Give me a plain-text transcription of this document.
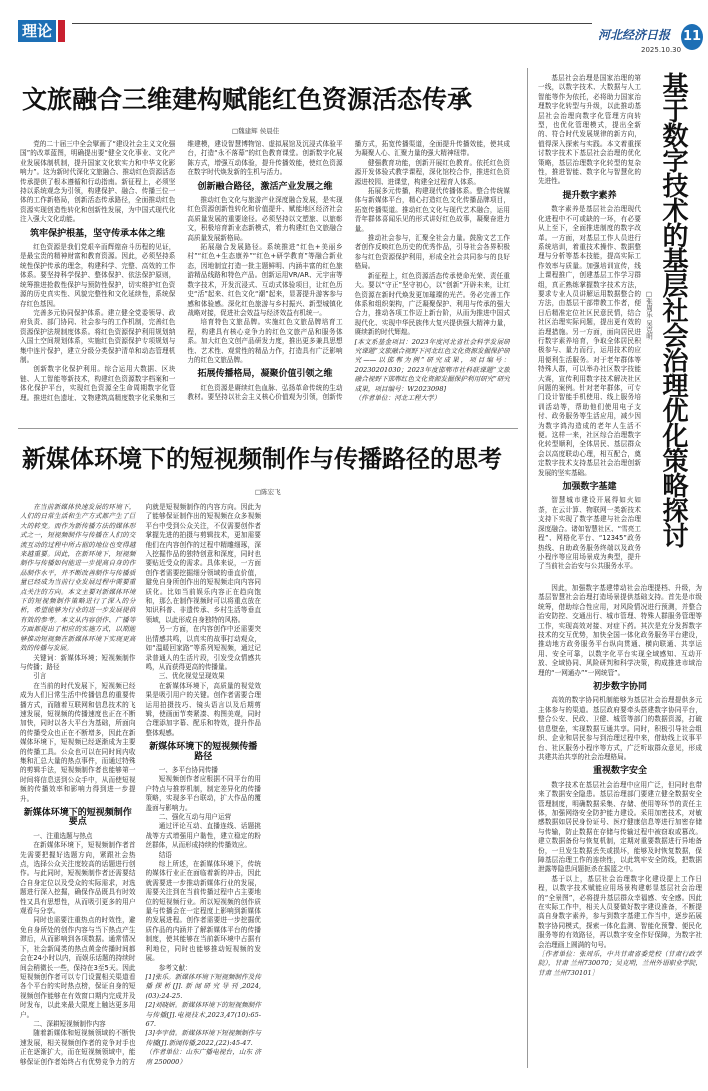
理论	河北经济日报 11
2025.10.30
文旅融合三维建构赋能红色资源活态传承
□魏建辉 侯晨佳

党的二十届三中全会擘画了“建设社会主义文化强国”的改革蓝图，明确提出要“健全文化事业、文化产业发展体制机制，提升国家文化软实力和中华文化影响力”。这为新时代深化文旅融合、推动红色资源活态传承提供了根本遵循和行动指南。新征程上，必须坚持以系统观念为引领，构建保护、融合、传播三位一体的工作新格局，创新活态传承路径，全面推动红色资源实现创造性转化和创新性发展，为中国式现代化注入强大文化动能。

筑牢保护根基，坚守传承本体之维

红色资源是我们党艰辛而辉煌奋斗历程的见证，是最宝贵的精神财富和教育资源。因此，必须坚持系统性保护传承的理念，构建科学、完整、高效的工作体系。要坚持科学保护、整体保护、依法保护原则，统筹推进抢救性保护与预防性保护，切实维护红色资源的历史真实性、风貌完整性和文化延续性，系统保存红色基因。

完善多元协同保护体系。建立健全党委领导、政府负责、部门协同、社会参与的工作机制，完善红色资源保护法规制度体系。将红色资源保护利用规划纳入国土空间规划体系，实施红色资源保护专项规划与集中连片保护，建立分级分类保护清单和动态管理机制。

创新数字化保护利用。综合运用大数据、区块链、人工智能等新技术，构建红色资源数字档案和一体化保护平台，实现红色资源全生命周期数字化管理。推进红色遗址、文物建筑高精度数字化采集和三维建模，建设智慧博物馆、虚拟展馆及沉浸式体验平台，打造“永不落幕”的红色教育课堂。创新数字化展陈方式，增强互动体验，提升传播效能，使红色资源在数字时代焕发新的生机与活力。

创新融合路径，激活产业发展之维

推动红色文化与旅游产业深度融合发展，是实现红色资源创新性转化和价值提升、赋能地区经济社会高质量发展的重要途径。必须坚持以文塑旅、以旅彰文，积极培育新业态新模式，着力构建红色文旅融合高质量发展新格局。

拓展融合发展路径。系统推进“红色+美丽乡村”“红色+生态康养”“红色+研学教育”等融合新业态，因地制宜打造一批主题鲜明、内涵丰富的红色旅游精品线路和特色产品。创新运用VR/AR、元宇宙等数字技术，开发沉浸式、互动式体验项目，让红色历史“活”起来、红色文化“潮”起来，显著提升游客参与感和体验感。深化红色旅游与乡村振兴、新型城镇化战略对接，促进社会效益与经济效益有机统一。

培育特色文旅品牌。实施红色文旅品牌培育工程，构建具有核心竞争力的红色文旅产品和服务体系。加大红色文创产品研发力度，推出更多兼具思想性、艺术性、观赏性的精品力作，打造具有广泛影响力的红色文旅品牌。

拓展传播格局，凝聚价值引领之维

红色资源是赓续红色血脉、弘扬革命传统的生动教材。要坚持以社会主义核心价值观为引领，创新传播方式，拓宽传播渠道，全面提升传播效能，使其成为凝聚人心、汇聚力量的强大精神纽带。

健强教育功能，创新开展红色教育。依托红色资源开发体验式教学课程，深化馆校合作，推进红色资源进校园、进课堂，构建全过程育人体系。

拓展多元传播，构建现代传播体系。整合传统媒体与新媒体平台，精心打造红色文化传播品牌项目，拓宽传播渠道。推动红色文化与现代艺术融合，运用青年群体喜闻乐见的形式讲好红色故事，凝聚奋进力量。

推动社会参与，汇聚全社会力量。鼓励文艺工作者创作反映红色历史的优秀作品，引导社会各界积极参与红色资源保护利用，形成全社会共同参与的良好格局。

新征程上，红色资源活态传承使命光荣、责任重大。要以“守正”坚守初心，以“创新”开辟未来，让红色资源在新时代焕发更加璀璨的光芒。务必完善工作体系和组织架构，广泛凝聚保护、利用与传承的强大合力，推动各项工作迈上新台阶，从而为推进中国式现代化、实现中华民族伟大复兴提供强大精神力量，赓续新的时代辉煌。

[本文系基金项目：2023年度河北省社会科学发展研究课题“文旅融合视野下河北红色文化资源发掘保护研究——以邯郸为例”研究成果，项目编号：20230201030；2023年度邯郸市社科联课题“文旅融合视野下邯郸红色文化资源发掘保护利用研究”研究成果，项目编号：W2023098]

（作者单位：河北工程大学）

新媒体环境下的短视频制作与传播路径的思考
□陈宏飞

在当前新媒体快速发展的环境下，人们的日常生活和生产方式都产生了巨大的转变。而作为新传播方法的媒体形式之一，短视频制作与传播在人们的交流互动的过程中所占据的地位也变得越来越重要。因此，在新环境下，短视频制作与传播如何能进一步提高自身的作品制作水平，并不断改善制作与传播质量已经成为当前行业发展过程中需要重点关注的方向。本文主要对新媒体环境下的短视频制作策略进行了深入的分析，希望能够为行业的进一步发展提供有效的参考。本文从内容创作、广播等方面都提出了相应的实施方式，以期能够推动短视频在新媒体环境下实现更高效的传播与发展。

关键词：新媒体环境；短视频制作与传播；路径

引言

在当前的时代发展下，短视频已经成为人们日常生活中传播信息的重要传播方式，而随着互联网和信息技术的飞速发展，短视频的传播速度也正在不断加快，同时以各大平台为基础，所面向的传播受众也正在不断增多，因此在新媒体环境下，短视频已经逐渐成为主要的传播工具。公众也可以在同时间内收集和汇总大量的热点事件，而通过特殊的剪辑手法，短视频制作者也能够第一时间将信息送到公众手中，从而使短视频的传播效率和影响力得到进一步提升。

新媒体环境下的短视频制作要点

一、注重选题与热点

在新媒体环境下，短视频制作者首先需要把握好选题方向，紧跟社会热点，选择公众关注度较高的话题进行创作。与此同时，短视频制作者还需要结合自身定位以及受众的实际需求，对选题进行深入挖掘，确保作品既具有时效性又具有思想性，从而吸引更多的用户观看与分享。

同时也需要注重热点的时效性，避免自身所处的创作内容与当下热点产生滞后，从而影响到各项数据。通常情况下，社会新闻类的热点黄金传播时间都会在24小时以内，而娱乐话题的持续时间会稍微长一些，保持在3至5天。因此短视频创作者可以专门设置相关渠道看各个平台的实时热点榜，保证自身的短视频创作能够在有效窗口期内完成并及时发布，以此来最大限度上触达更多用户。

二、深耕短视频制作内容

随着新媒体和短视频领域的不断快速发展，相关视频创作者的竞争对手也正在逐渐扩大，而在短视频领域中，能够保证创作者始终占有优势竞争力的方向就是短视频制作的内容方向。因此为了能够保证制作出的短视频在众多视频平台中受到公众关注，不仅需要创作者掌握先进的拍摄与剪辑技术，更加需要他们在内容创作的过程中精雕细琢，深入挖掘作品的独特创意和深度，同时也要贴近受众的需求。具体来说，一方面创作者需要挖掘细分领域的垂直价值，避免自身所创作出的短视频走向内容同质化。比如当前娱乐内容正在趋向饱和，那么在制作视频时可以将重点放在知识科普、非遗传承、乡村生活等垂直领域，以此形成自身独特的风格。

另一方面，在内容创作中还需要突出情感共鸣，以真实的故事打动观众，如“温暖回家路”等系列短视频，通过记录普通人的生活片段，引发受众情感共鸣，从而获得更高的传播量。

三、优化视觉呈现效果

在新媒体环境下，高质量的视觉效果是吸引用户的关键。创作者需要合理运用拍摄技巧、镜头语言以及后期剪辑，使画面节奏紧凑、构图美观，同时合理添加字幕、配乐和特效，提升作品整体观感。

新媒体环境下的短视频传播路径

一、多平台协同传播

短视频创作者应根据不同平台的用户特点与推荐机制，制定差异化的传播策略，实现多平台联动，扩大作品的覆盖面与影响力。

二、强化互动与用户运营

通过评论互动、直播连线、话题挑战等方式增强用户黏性，建立稳定的粉丝群体，从而形成持续的传播效应。

结语

综上所述，在新媒体环境下，传统的媒体行业正在面临着新的冲击，因此就需要进一步推动新媒体行业的发展，需要关注到在当前传播过程中占主要地位的短视频行业。所以短视频的创作质量与传播会在一定程度上影响到新媒体的发展进程。创作者需要进一步挖掘优质作品的内涵并了解新媒体平台的传播制度，使其能够在当前新环境中占据有利地位，同时也能够推动短视频的发展。

参考文献：

[1]张乐。新媒体环境下短视频制作及传播探析[J].新闻研究导刊,2024,(03):24-25.

[2]刘晓妍。新媒体环境下的短视频制作与传播[J].电视技术,2023,47(10):65-67.

[3]李宇倩。新媒体环境下短视频制作与传播[J].新闻传播,2022,(22):45-47.

（作者单位：山东广播电视台，山东 济南 250000）

基于数字技术的基层社会治理优化策略探讨
□张周乐 吴克明

基层社会治理是国家治理的第一线，以数字技术、大数据与人工智能等作为依托，必将助力国家治理数字化转型与升级，以此推动基层社会治理向数字化管理方向转型，也优化管理模式，提出全新的、符合时代发展规律的新方向，值得深入探索与实践。本文着重探讨数字技术下基层社会治理的优化策略，基层治理数字化转型的复杂性，推进智能、数字化与智慧化的先进性。

提升数字素养

数字素养是基层社会治理现代化进程中不可或缺的一环，有必要从上至下，全面推进制度的数字改革。一方面，对基层工作人员进行系统培训，着重技术操作、数据整理与分析等基本技能，提高实际工作效率与质量。加强培训宣传，线上课程推广，创建基层工作学习群组，真正熟练掌握数字技术方法，要求专业人员讲解运用数据整合的方法，由基层干部带教工作者，便日后精准定位社区民意民情，结合社区治理实际问题，提出更有效的治理措施。另一方面，面向居民进行数字素养培育，争取全体居民积极参与、量力而行，运用技术的应用便利生活服务。对于老年群体等特殊人群，可以举办社区数字技能大赛，宣传利用数字技术解决社区问题的案例。针对老年群体，可专门设计智能手机使用、线上服务培训活动等，帮助他们使用电子支付、政务服务等生活应用，减少因为数字鸿沟造成的老年人生活不便。这样一来，社区综合治理数字化转型顺利，全体居民、基层群众会以高度联动心理，相互配合，奠定数字技术支持基层社会治理创新发展的坚实基础。

加强数字基建

智慧城市建设开展得如火如荼，在云计算、物联网一类新技术支持下实现了数字基建与社会治理深度融合。诸如智慧社区、“雪亮工程”、网格化平台、“12345”政务热线、自助政务服务终端以及政务小程序等应用场景成为典型，提升了当前社会治安与公共服务水平。

因此，加强数字基建带动社会治理提档、升级，为基层智慧社会治理打造场景提供基础支持。首先是市级统筹，借助综合性应用，对风险情况进行预测，并整合治安防控、交通出行、城市管理、特殊人群服务管理等工作，实现高效对接、对症下药。其次是充分发挥数字技术的交互优势，加快全国一体化政务服务平台建设，推动地方政务服务平台纵向贯通、横向联通、共享运用、安全可靠，以数字化平台实现全域感知、互动开放、全域协同、风险研判和科学决策，构成推进市域治理的“一网通办”“一网统管”。

初步数字协同

高效的数字协同机制能够为基层社会治理提供多元主体参与的渠道。基层政府要牵头搭建数字协同平台，整合公安、民政、卫健、城管等部门的数据资源，打破信息壁垒，实现数据互通共享。同时，积极引导社会组织、企业和居民参与到治理过程中来，借助线上议事平台、社区服务小程序等方式，广泛听取群众意见，形成共建共治共享的社会治理格局。

重视数字安全

数字技术在基层社会治理中应用广泛，但同时也带来了数据安全隐患。基层治理部门要建立健全数据安全管理制度，明确数据采集、存储、使用等环节的责任主体，加强网络安全防护能力建设。采用加密技术，对敏感数据如居民身份证号、医疗健康信息等进行加密存储与传输，防止数据在存储与传输过程中被窃取或篡改。建立数据备份与恢复机制，定期对重要数据进行异地备份，一旦发生数据丢失或损坏，能够及时恢复数据，保障基层治理工作的连续性，以此筑牢安全防线，把数据泄露等隐患问题扼杀在摇篮之中。

基于以上，基层社会治理数字化建设提上工作日程，以数字技术赋能应用场景构建彰显基层社会治理的“全景图”，必将提升基层群众幸福感、安全感。因此在实际工作中，相关人员要做好数字建设准备，不断提高自身数字素养，参与到数字基建工作当中，逐步拓展数字协同模式，探索一体化监测、智能化预警、便民化服务等的有效路径，再以数字安全作好保障，为数字社会治理画上圆满的句号。

［作者单位：张周乐，中共甘肃省委党校（甘肃行政学院），甘肃 兰州730070；吴克明，兰州外语职业学院，甘肃 兰州730101］
